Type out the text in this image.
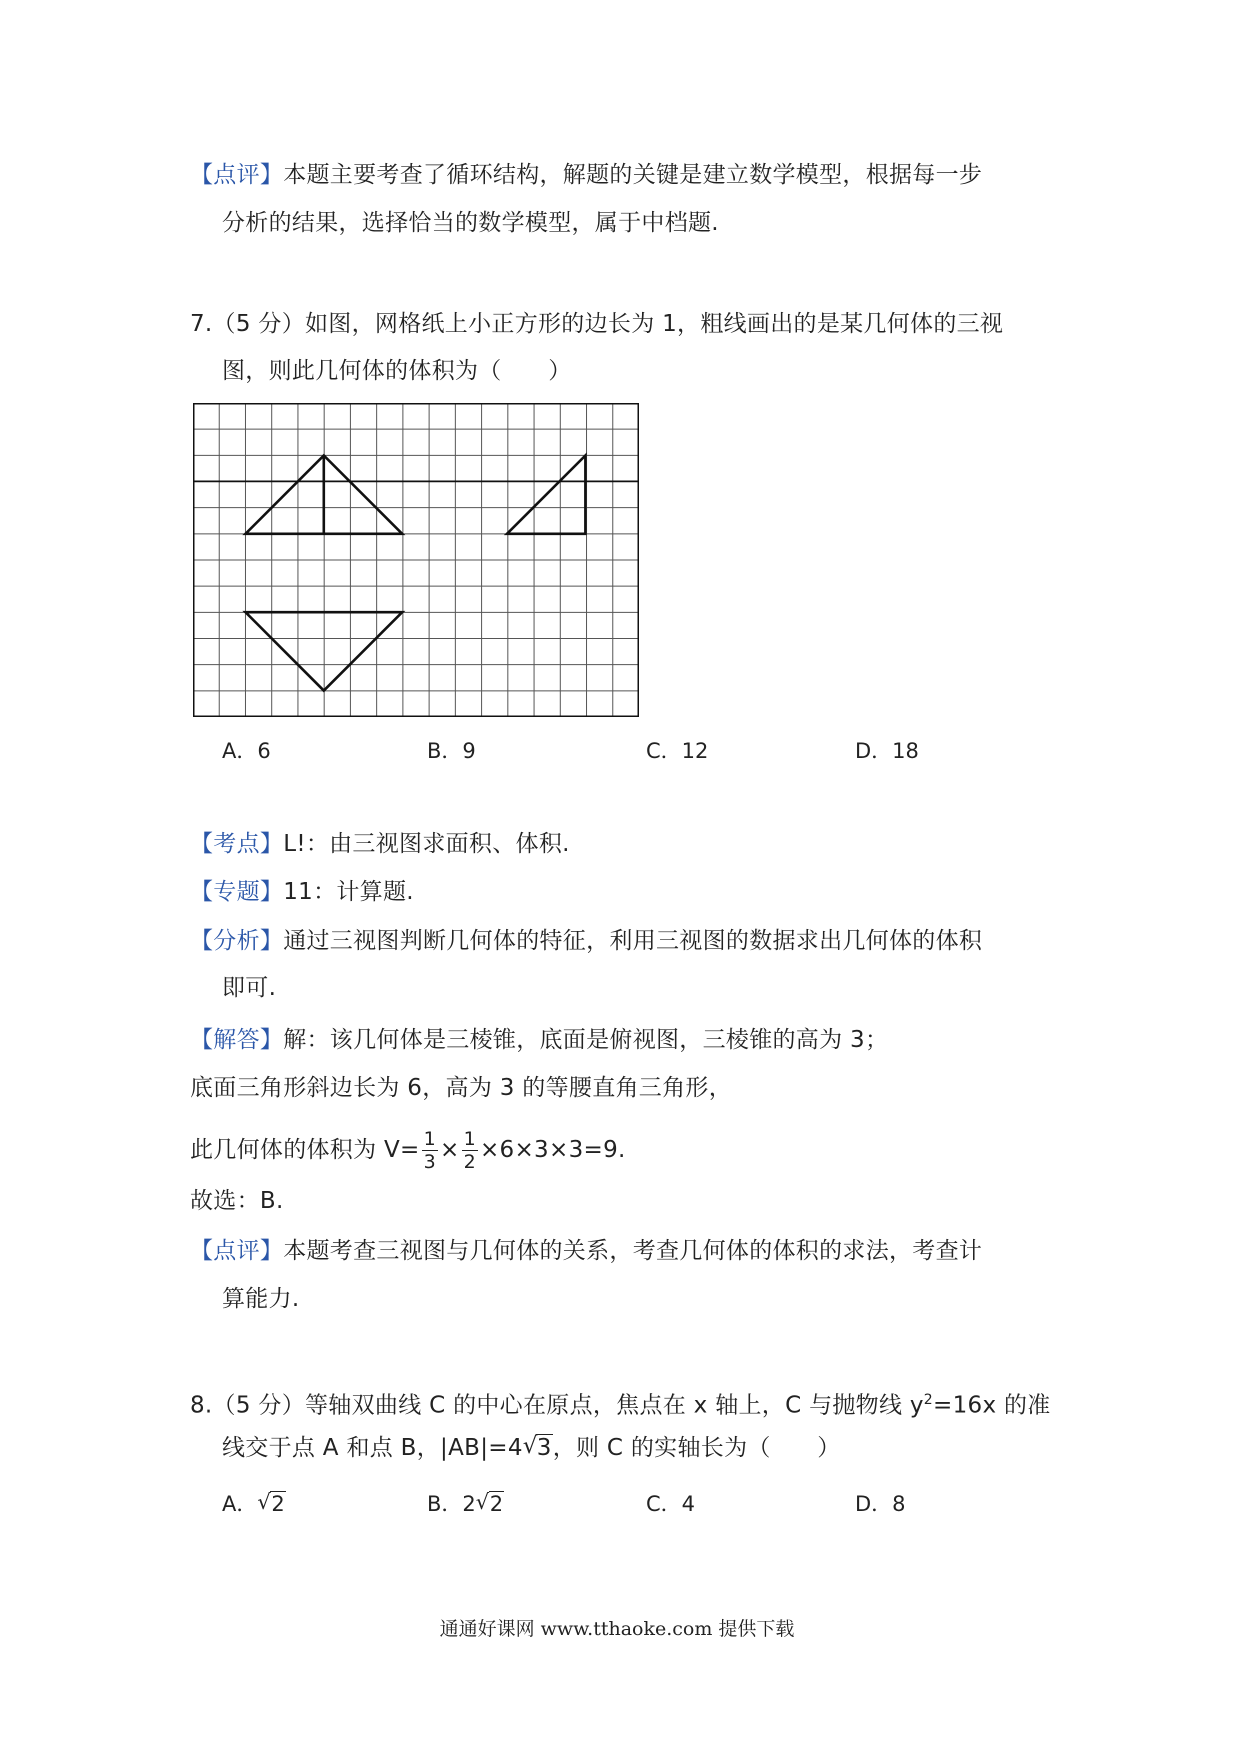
【点评】本题主要考查了循环结构，解题的关键是建立数学模型，根据每一步
分析的结果，选择恰当的数学模型，属于中档题.
7.（5 分）如图，网格纸上小正方形的边长为 1，粗线画出的是某几何体的三视
图，则此几何体的体积为（　　）
A．6	B．9	C．12	D．18
【考点】L!：由三视图求面积、体积.
【专题】11：计算题.
【分析】通过三视图判断几何体的特征，利用三视图的数据求出几何体的体积
即可.
【解答】解：该几何体是三棱锥，底面是俯视图，三棱锥的高为 3；
底面三角形斜边长为 6，高为 3 的等腰直角三角形，
此几何体的体积为 $V= \frac{1}{3} \times \frac{1}{2} \times 6\times 3\times 3=9$.
故选：B.
【点评】本题考查三视图与几何体的关系，考查几何体的体积的求法，考查计
算能力.
8.（5 分）等轴双曲线 C 的中心在原点，焦点在 x 轴上，C 与抛物线 $y^2=16x$ 的准
线交于点 A 和点 B，|AB|=4 √ 3，则 C 的实轴长为（　　）
A． √ 2	B．2 √ 2	C．4	D．8
通通好课网 www.tthaoke.com 提供下载
